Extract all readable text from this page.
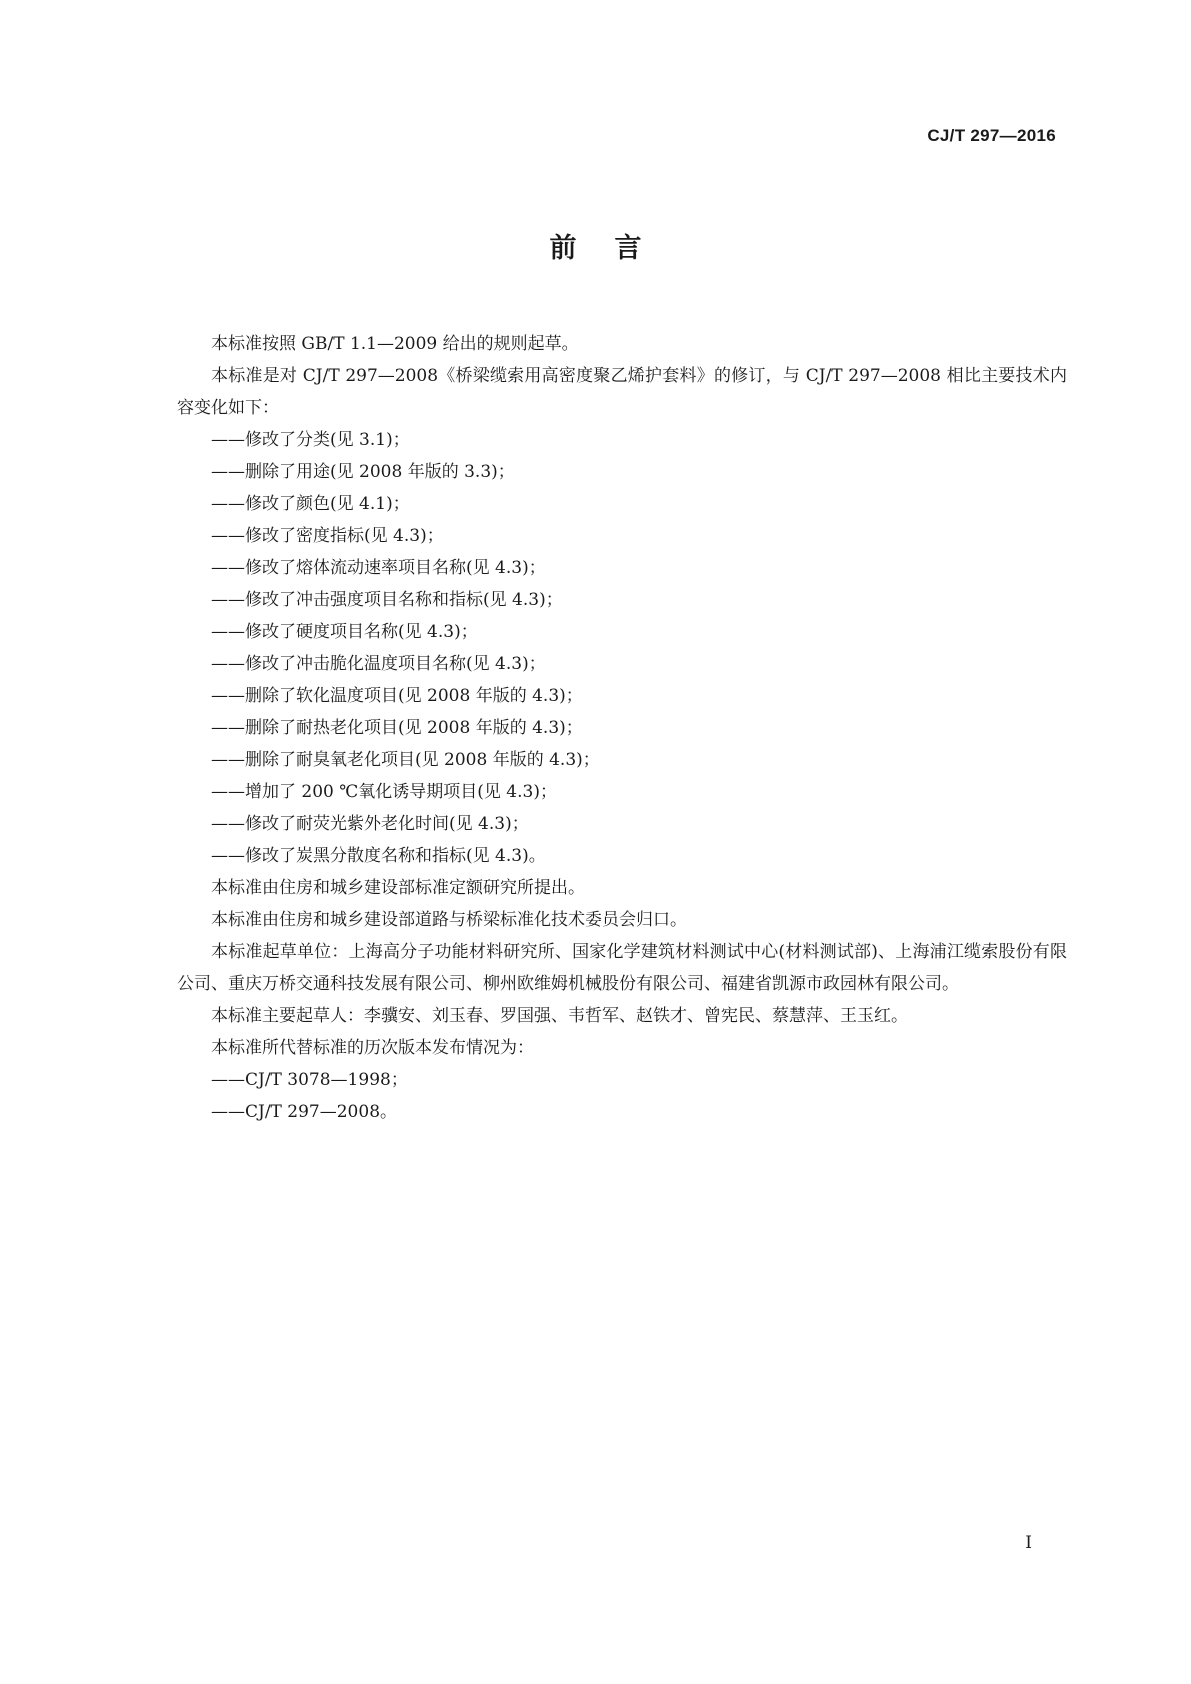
CJ/T 297—2016
前言

本标准按照 GB/T 1.1—2009 给出的规则起草。

本标准是对 CJ/T 297—2008《桥梁缆索用高密度聚乙烯护套料》的修订，与 CJ/T 297—2008 相比主要技术内容变化如下：

——修改了分类(见 3.1)；

——删除了用途(见 2008 年版的 3.3)；

——修改了颜色(见 4.1)；

——修改了密度指标(见 4.3)；

——修改了熔体流动速率项目名称(见 4.3)；

——修改了冲击强度项目名称和指标(见 4.3)；

——修改了硬度项目名称(见 4.3)；

——修改了冲击脆化温度项目名称(见 4.3)；

——删除了软化温度项目(见 2008 年版的 4.3)；

——删除了耐热老化项目(见 2008 年版的 4.3)；

——删除了耐臭氧老化项目(见 2008 年版的 4.3)；

——增加了 200 ℃氧化诱导期项目(见 4.3)；

——修改了耐荧光紫外老化时间(见 4.3)；

——修改了炭黑分散度名称和指标(见 4.3)。

本标准由住房和城乡建设部标准定额研究所提出。

本标准由住房和城乡建设部道路与桥梁标准化技术委员会归口。

本标准起草单位：上海高分子功能材料研究所、国家化学建筑材料测试中心(材料测试部)、上海浦江缆索股份有限公司、重庆万桥交通科技发展有限公司、柳州欧维姆机械股份有限公司、福建省凯源市政园林有限公司。

本标准主要起草人：李骥安、刘玉春、罗国强、韦哲军、赵铁才、曾宪民、蔡慧萍、王玉红。

本标准所代替标准的历次版本发布情况为：

——CJ/T 3078—1998；

——CJ/T 297—2008。

I
